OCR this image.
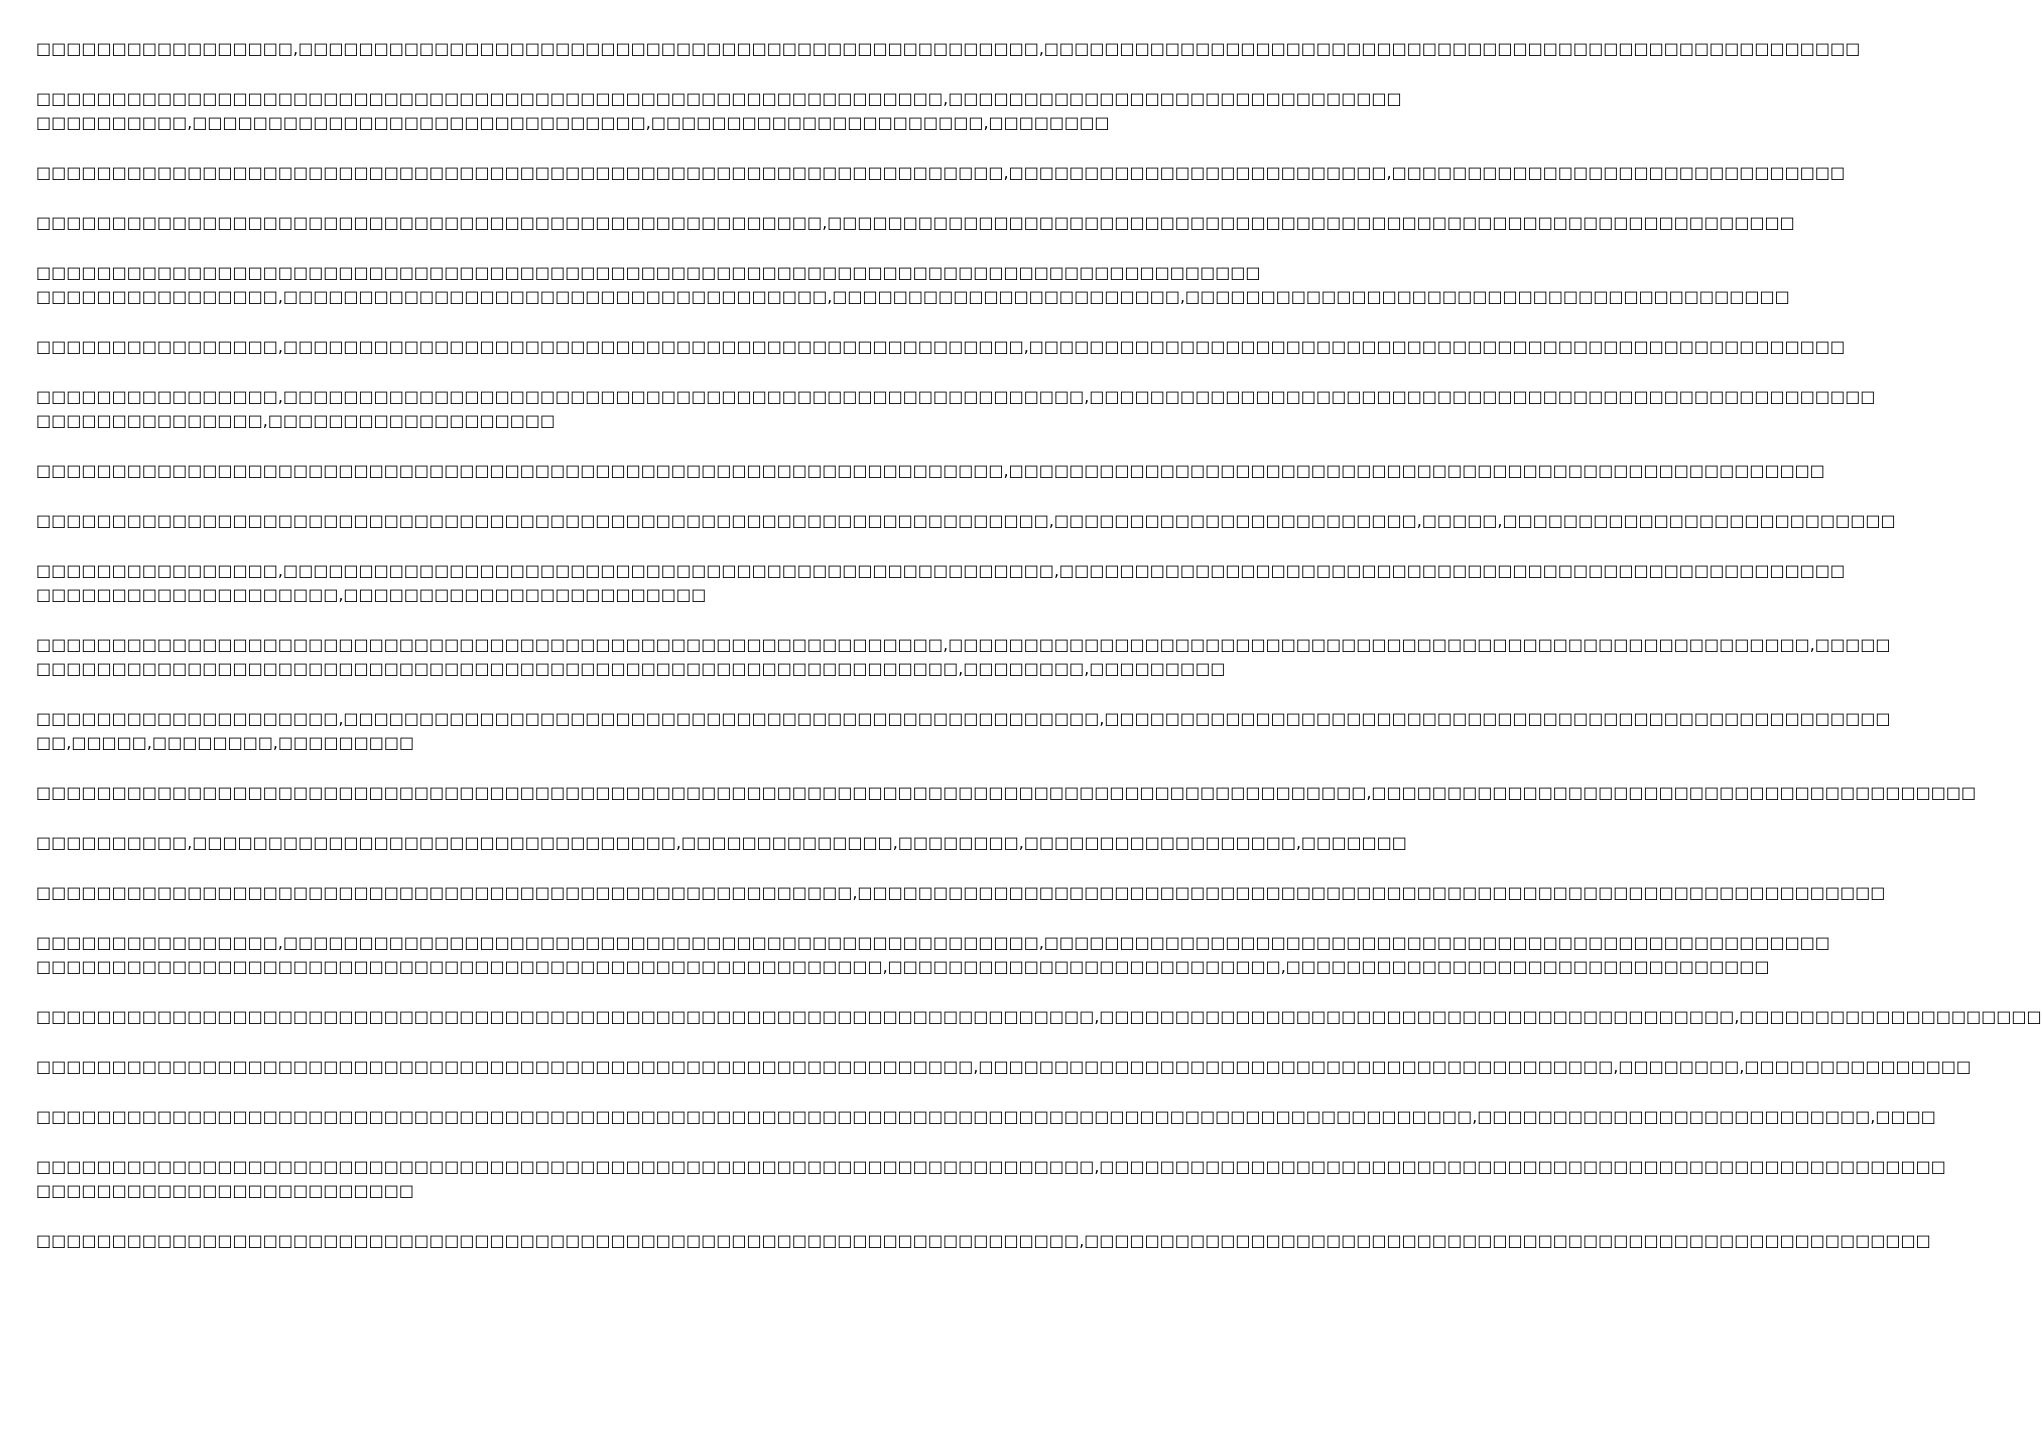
□□□□□□□□□□□□□□□□□,□□□□□□□□□□□□□□□□□□□□□□□□□□□□□□□□□□□□□□□□□□□□□□□□□,□□□□□□□□□□□□□□□□□□□□□□□□□□□□□□□□□□□□□□□□□□□□□□□□□□□□□□
□□□□□□□□□□□□□□□□□□□□□□□□□□□□□□□□□□□□□□□□□□□□□□□□□□□□□□□□□□□□,□□□□□□□□□□□□□□□□□□□□□□□□□□□□□□
□□□□□□□□□□,□□□□□□□□□□□□□□□□□□□□□□□□□□□□□□,□□□□□□□□□□□□□□□□□□□□□□,□□□□□□□□
□□□□□□□□□□□□□□□□□□□□□□□□□□□□□□□□□□□□□□□□□□□□□□□□□□□□□□□□□□□□□□□□,□□□□□□□□□□□□□□□□□□□□□□□□□,□□□□□□□□□□□□□□□□□□□□□□□□□□□□□□
□□□□□□□□□□□□□□□□□□□□□□□□□□□□□□□□□□□□□□□□□□□□□□□□□□□□,□□□□□□□□□□□□□□□□□□□□□□□□□□□□□□□□□□□□□□□□□□□□□□□□□□□□□□□□□□□□□□□□
□□□□□□□□□□□□□□□□□□□□□□□□□□□□□□□□□□□□□□□□□□□□□□□□□□□□□□□□□□□□□□□□□□□□□□□□□□□□□□□□□
□□□□□□□□□□□□□□□□,□□□□□□□□□□□□□□□□□□□□□□□□□□□□□□□□□□□□,□□□□□□□□□□□□□□□□□□□□□□□,□□□□□□□□□□□□□□□□□□□□□□□□□□□□□□□□□□□□□□□□
□□□□□□□□□□□□□□□□,□□□□□□□□□□□□□□□□□□□□□□□□□□□□□□□□□□□□□□□□□□□□□□□□□,□□□□□□□□□□□□□□□□□□□□□□□□□□□□□□□□□□□□□□□□□□□□□□□□□□□□□□
□□□□□□□□□□□□□□□□,□□□□□□□□□□□□□□□□□□□□□□□□□□□□□□□□□□□□□□□□□□□□□□□□□□□□□,□□□□□□□□□□□□□□□□□□□□□□□□□□□□□□□□□□□□□□□□□□□□□□□□□□□□
□□□□□□□□□□□□□□□,□□□□□□□□□□□□□□□□□□□
□□□□□□□□□□□□□□□□□□□□□□□□□□□□□□□□□□□□□□□□□□□□□□□□□□□□□□□□□□□□□□□□,□□□□□□□□□□□□□□□□□□□□□□□□□□□□□□□□□□□□□□□□□□□□□□□□□□□□□□
□□□□□□□□□□□□□□□□□□□□□□□□□□□□□□□□□□□□□□□□□□□□□□□□□□□□□□□□□□□□□□□□□□□,□□□□□□□□□□□□□□□□□□□□□□□□,□□□□□,□□□□□□□□□□□□□□□□□□□□□□□□□□
□□□□□□□□□□□□□□□□,□□□□□□□□□□□□□□□□□□□□□□□□□□□□□□□□□□□□□□□□□□□□□□□□□□□,□□□□□□□□□□□□□□□□□□□□□□□□□□□□□□□□□□□□□□□□□□□□□□□□□□□□
□□□□□□□□□□□□□□□□□□□□,□□□□□□□□□□□□□□□□□□□□□□□□
□□□□□□□□□□□□□□□□□□□□□□□□□□□□□□□□□□□□□□□□□□□□□□□□□□□□□□□□□□□□,□□□□□□□□□□□□□□□□□□□□□□□□□□□□□□□□□□□□□□□□□□□□□□□□□□□□□□□□□,□□□□□
□□□□□□□□□□□□□□□□□□□□□□□□□□□□□□□□□□□□□□□□□□□□□□□□□□□□□□□□□□□□□,□□□□□□□□,□□□□□□□□□
□□□□□□□□□□□□□□□□□□□□,□□□□□□□□□□□□□□□□□□□□□□□□□□□□□□□□□□□□□□□□□□□□□□□□□□,□□□□□□□□□□□□□□□□□□□□□□□□□□□□□□□□□□□□□□□□□□□□□□□□□□□□
□□,□□□□□,□□□□□□□□,□□□□□□□□□
□□□□□□□□□□□□□□□□□□□□□□□□□□□□□□□□□□□□□□□□□□□□□□□□□□□□□□□□□□□□□□□□□□□□□□□□□□□□□□□□□□□□□□□□,□□□□□□□□□□□□□□□□□□□□□□□□□□□□□□□□□□□□□□□□
□□□□□□□□□□,□□□□□□□□□□□□□□□□□□□□□□□□□□□□□□□□,□□□□□□□□□□□□□□,□□□□□□□□,□□□□□□□□□□□□□□□□□□,□□□□□□□
□□□□□□□□□□□□□□□□□□□□□□□□□□□□□□□□□□□□□□□□□□□□□□□□□□□□□□,□□□□□□□□□□□□□□□□□□□□□□□□□□□□□□□□□□□□□□□□□□□□□□□□□□□□□□□□□□□□□□□□□□□□
□□□□□□□□□□□□□□□□,□□□□□□□□□□□□□□□□□□□□□□□□□□□□□□□□□□□□□□□□□□□□□□□□□□,□□□□□□□□□□□□□□□□□□□□□□□□□□□□□□□□□□□□□□□□□□□□□□□□□□□□
□□□□□□□□□□□□□□□□□□□□□□□□□□□□□□□□□□□□□□□□□□□□□□□□□□□□□□□□,□□□□□□□□□□□□□□□□□□□□□□□□□□,□□□□□□□□□□□□□□□□□□□□□□□□□□□□□□□□
□□□□□□□□□□□□□□□□□□□□□□□□□□□□□□□□□□□□□□□□□□□□□□□□□□□□□□□□□□□□□□□□□□□□□□,□□□□□□□□□□□□□□□□□□□□□□□□□□□□□□□□□□□□□□□□□□,□□□□□□□□□□□□□□□□□□□□
□□□□□□□□□□□□□□□□□□□□□□□□□□□□□□□□□□□□□□□□□□□□□□□□□□□□□□□□□□□□□□,□□□□□□□□□□□□□□□□□□□□□□□□□□□□□□□□□□□□□□□□□□,□□□□□□□□,□□□□□□□□□□□□□□□
□□□□□□□□□□□□□□□□□□□□□□□□□□□□□□□□□□□□□□□□□□□□□□□□□□□□□□□□□□□□□□□□□□□□□□□□□□□□□□□□□□□□□□□□□□□□□□□,□□□□□□□□□□□□□□□□□□□□□□□□□□,□□□□
□□□□□□□□□□□□□□□□□□□□□□□□□□□□□□□□□□□□□□□□□□□□□□□□□□□□□□□□□□□□□□□□□□□□□□,□□□□□□□□□□□□□□□□□□□□□□□□□□□□□□□□□□□□□□□□□□□□□□□□□□□□□□□□
□□□□□□□□□□□□□□□□□□□□□□□□□
□□□□□□□□□□□□□□□□□□□□□□□□□□□□□□□□□□□□□□□□□□□□□□□□□□□□□□□□□□□□□□□□□□□□□,□□□□□□□□□□□□□□□□□□□□□□□□□□□□□□□□□□□□□□□□□□□□□□□□□□□□□□□□
